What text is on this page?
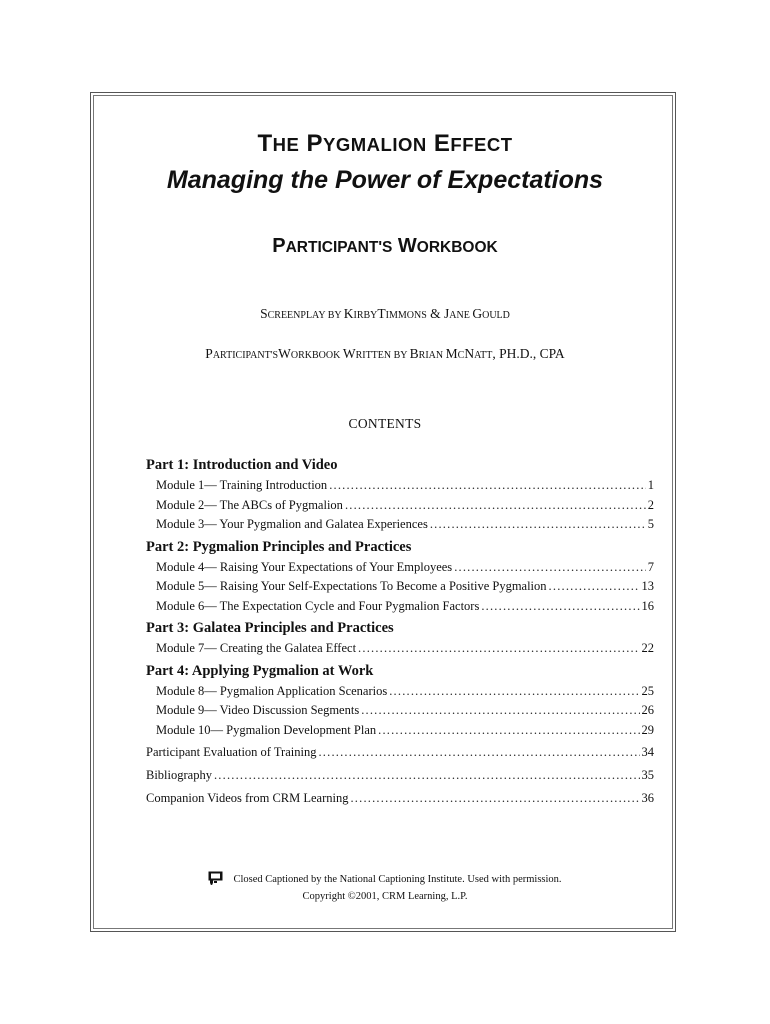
THE PYGMALION EFFECT
Managing the Power of Expectations
PARTICIPANT'S WORKBOOK
SCREENPLAY BY KIRBYTIMMONS & JANE GOULD
PARTICIPANT'SWORKBOOK WRITTEN BY BRIAN MCNATT, PH.D., CPA
CONTENTS
Part 1: Introduction and Video
Module 1— Training Introduction .....	1
Module 2— The ABCs of Pygmalion .....	2
Module 3— Your Pygmalion and Galatea Experiences .....	5
Part 2: Pygmalion Principles and Practices
Module 4— Raising Your Expectations of Your Employees .....	7
Module 5— Raising Your Self-Expectations To Become a Positive Pygmalion .....	13
Module 6— The Expectation Cycle and Four Pygmalion Factors .....	16
Part 3: Galatea Principles and Practices
Module 7— Creating the Galatea Effect .....	22
Part 4: Applying Pygmalion at Work
Module 8— Pygmalion Application Scenarios .....	25
Module 9— Video Discussion Segments .....	26
Module 10— Pygmalion Development Plan .....	29
Participant Evaluation of Training .....	34
Bibliography .....	35
Companion Videos from CRM Learning .....	36
Closed Captioned by the National Captioning Institute. Used with permission.
Copyright ©2001, CRM Learning, L.P.
